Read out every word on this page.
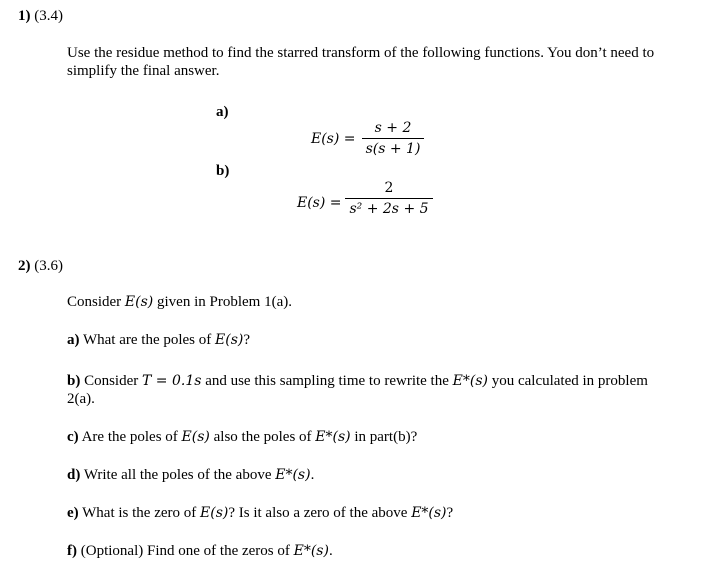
1) (3.4)
Use the residue method to find the starred transform of the following functions. You don’t need to simplify the final answer.
a)
E(s) =
s + 2
s(s + 1)
b)
E(s) =
2
s² + 2s + 5
2) (3.6)
Consider E(s) given in Problem 1(a).
a) What are the poles of E(s)?
b) Consider T = 0.1s and use this sampling time to rewrite the E*(s) you calculated in problem 2(a).
c) Are the poles of E(s) also the poles of E*(s) in part(b)?
d) Write all the poles of the above E*(s).
e) What is the zero of E(s)? Is it also a zero of the above E*(s)?
f) (Optional) Find one of the zeros of E*(s).
